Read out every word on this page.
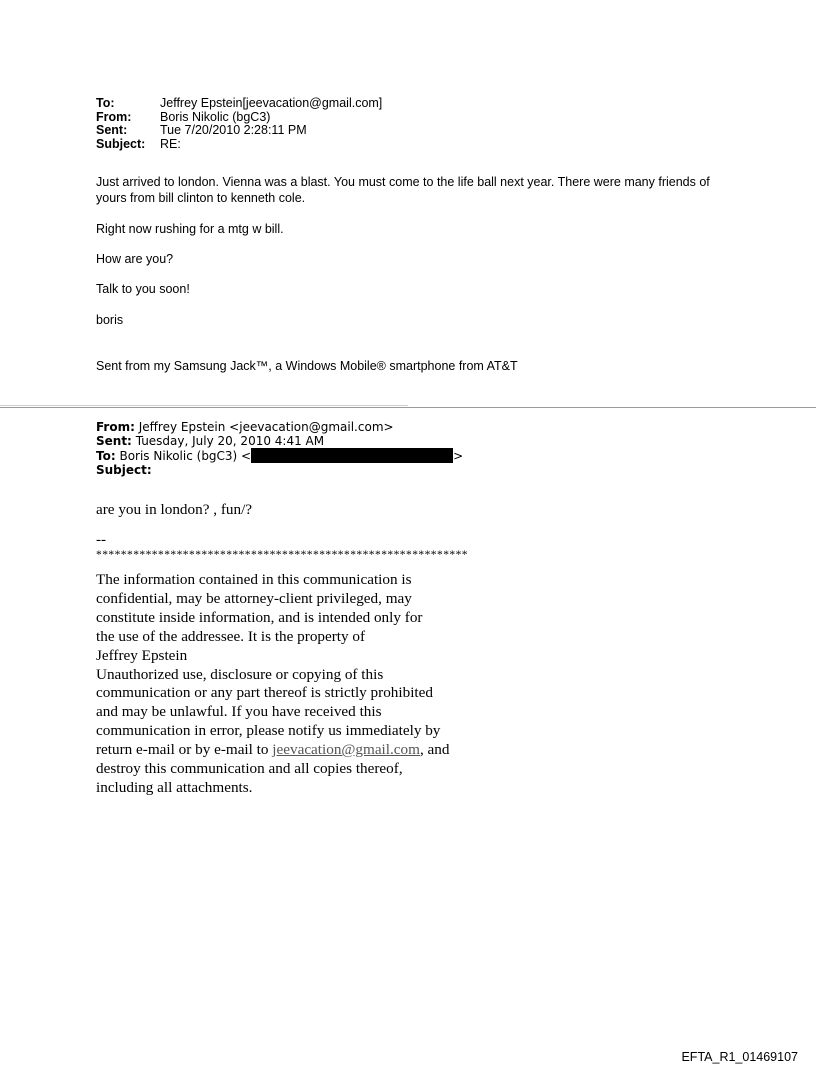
To:	Jeffrey Epstein[jeevacation@gmail.com]
From:	Boris Nikolic (bgC3)
Sent:	Tue 7/20/2010 2:28:11 PM
Subject:	RE:

Just arrived to london. Vienna was a blast. You must come to the life ball next year. There were many friends of yours from bill clinton to kenneth cole.

Right now rushing for a mtg w bill.

How are you?

Talk to you soon!

boris

Sent from my Samsung Jack™, a Windows Mobile® smartphone from AT&T

From: Jeffrey Epstein <jeevacation@gmail.com>
Sent: Tuesday, July 20, 2010 4:41 AM
To: Boris Nikolic (bgC3) <	>
Subject:
are you in london? , fun/?
--
************************************************************
The information contained in this communication is
confidential, may be attorney-client privileged, may
constitute inside information, and is intended only for
the use of the addressee. It is the property of
Jeffrey Epstein
Unauthorized use, disclosure or copying of this
communication or any part thereof is strictly prohibited
and may be unlawful. If you have received this
communication in error, please notify us immediately by
return e-mail or by e-mail to jeevacation@gmail.com, and
destroy this communication and all copies thereof,
including all attachments.
EFTA_R1_01469107
